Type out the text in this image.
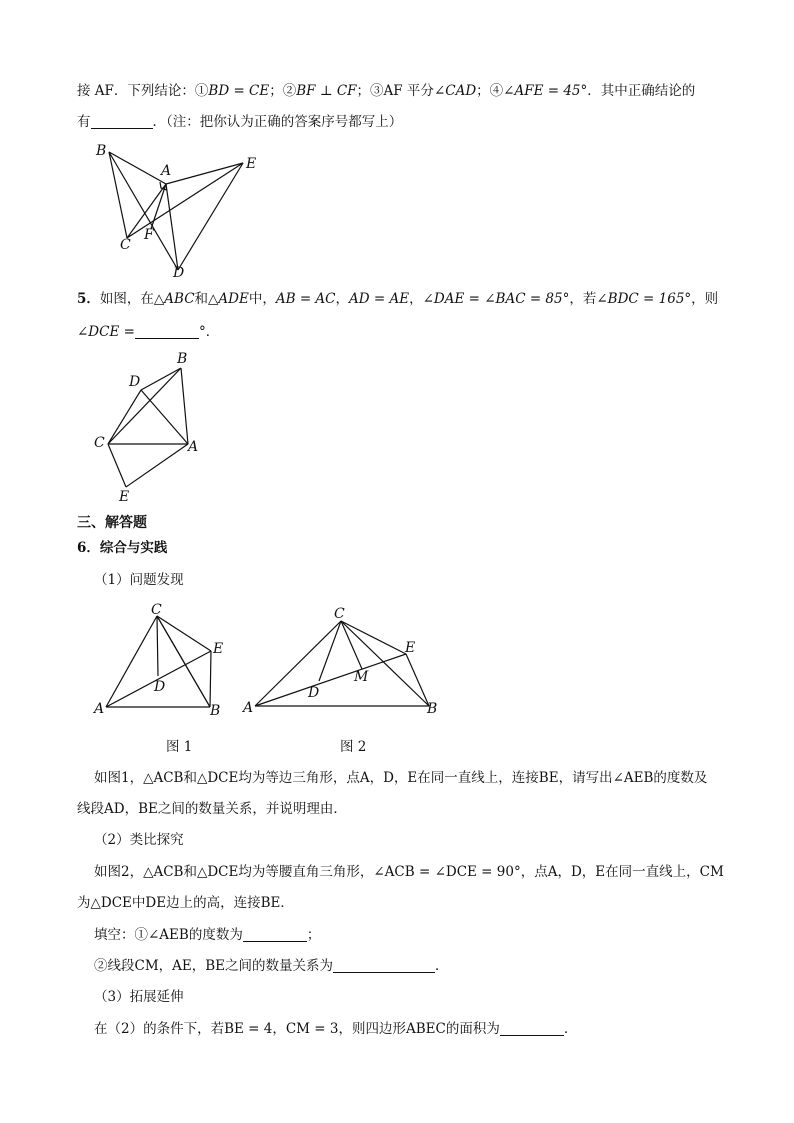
接 AF．下列结论：①BD = CE；②BF ⊥ CF；③AF 平分∠CAD；④∠AFE = 45°．其中正确结论的
有	．（注：把你认为正确的答案序号都写上）
B
A	E
C
F
D
5．如图，在△ABC和△ADE中，AB = AC，AD = AE，∠DAE = ∠BAC = 85°，若∠BDC = 165°，则
∠DCE =	°．
B
D
C	A
E
三、解答题
6．综合与实践
（1）问题发现
C
E
D
A	B
图 1
C
E
M
D
A	B
图 2
如图1，△ACB和△DCE均为等边三角形，点A，D，E在同一直线上，连接BE，请写出∠AEB的度数及
线段AD，BE之间的数量关系，并说明理由．
（2）类比探究
如图2，△ACB和△DCE均为等腰直角三角形，∠ACB = ∠DCE = 90°，点A，D，E在同一直线上，CM
为△DCE中DE边上的高，连接BE．
填空：①∠AEB的度数为	；
②线段CM，AE，BE之间的数量关系为	．
（3）拓展延伸
在（2）的条件下，若BE = 4，CM = 3，则四边形ABEC的面积为	．
